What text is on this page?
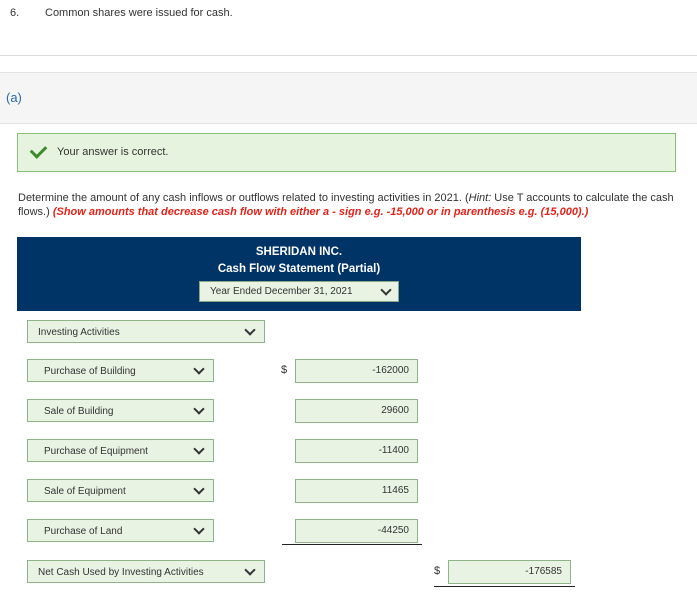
6. Common shares were issued for cash.
(a)
Your answer is correct.
Determine the amount of any cash inflows or outflows related to investing activities in 2021. (Hint: Use T accounts to calculate the cash flows.) (Show amounts that decrease cash flow with either a - sign e.g. -15,000 or in parenthesis e.g. (15,000).)
SHERIDAN INC.
Cash Flow Statement (Partial)
Year Ended December 31, 2021
Investing Activities
Purchase of Building	$	-162000
Sale of Building	29600
Purchase of Equipment	-11400
Sale of Equipment	11465
Purchase of Land	-44250
Net Cash Used by Investing Activities	$	-176585
